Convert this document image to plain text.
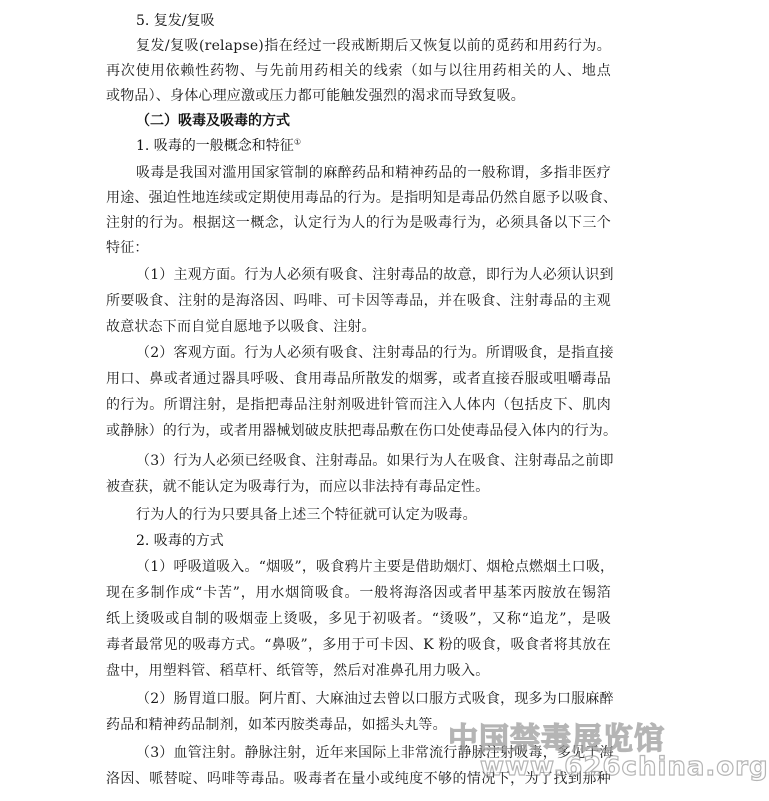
5. 复发/复吸
复发/复吸(relapse)指在经过一段戒断期后又恢复以前的觅药和用药行为。
再次使用依赖性药物、与先前用药相关的线索（如与以往用药相关的人、地点
或物品）、身体心理应激或压力都可能触发强烈的渴求而导致复吸。
（二）吸毒及吸毒的方式
1. 吸毒的一般概念和特征①
吸毒是我国对滥用国家管制的麻醉药品和精神药品的一般称谓，多指非医疗
用途、强迫性地连续或定期使用毒品的行为。是指明知是毒品仍然自愿予以吸食、
注射的行为。根据这一概念，认定行为人的行为是吸毒行为，必须具备以下三个
特征：
（1）主观方面。行为人必须有吸食、注射毒品的故意，即行为人必须认识到
所要吸食、注射的是海洛因、吗啡、可卡因等毒品，并在吸食、注射毒品的主观
故意状态下而自觉自愿地予以吸食、注射。
（2）客观方面。行为人必须有吸食、注射毒品的行为。所谓吸食，是指直接
用口、鼻或者通过器具呼吸、食用毒品所散发的烟雾，或者直接吞服或咀嚼毒品
的行为。所谓注射，是指把毒品注射剂吸进针管而注入人体内（包括皮下、肌肉
或静脉）的行为，或者用器械划破皮肤把毒品敷在伤口处使毒品侵入体内的行为。
（3）行为人必须已经吸食、注射毒品。如果行为人在吸食、注射毒品之前即
被查获，就不能认定为吸毒行为，而应以非法持有毒品定性。
行为人的行为只要具备上述三个特征就可认定为吸毒。
2. 吸毒的方式
（1）呼吸道吸入。“烟吸”，吸食鸦片主要是借助烟灯、烟枪点燃烟土口吸，
现在多制作成“卡苦”，用水烟筒吸食。一般将海洛因或者甲基苯丙胺放在锡箔
纸上烫吸或自制的吸烟壶上烫吸，多见于初吸者。“烫吸”，又称“追龙”，是吸
毒者最常见的吸毒方式。“鼻吸”，多用于可卡因、K 粉的吸食，吸食者将其放在
盘中，用塑料管、稻草杆、纸管等，然后对准鼻孔用力吸入。
（2）肠胃道口服。阿片酊、大麻油过去曾以口服方式吸食，现多为口服麻醉
药品和精神药品制剂，如苯丙胺类毒品，如摇头丸等。
（3）血管注射。静脉注射，近年来国际上非常流行静脉注射吸毒，多见于海
洛因、哌替啶、吗啡等毒品。吸毒者在量小或纯度不够的情况下，为了找到那种
中国禁毒展览馆
www.626china.org
